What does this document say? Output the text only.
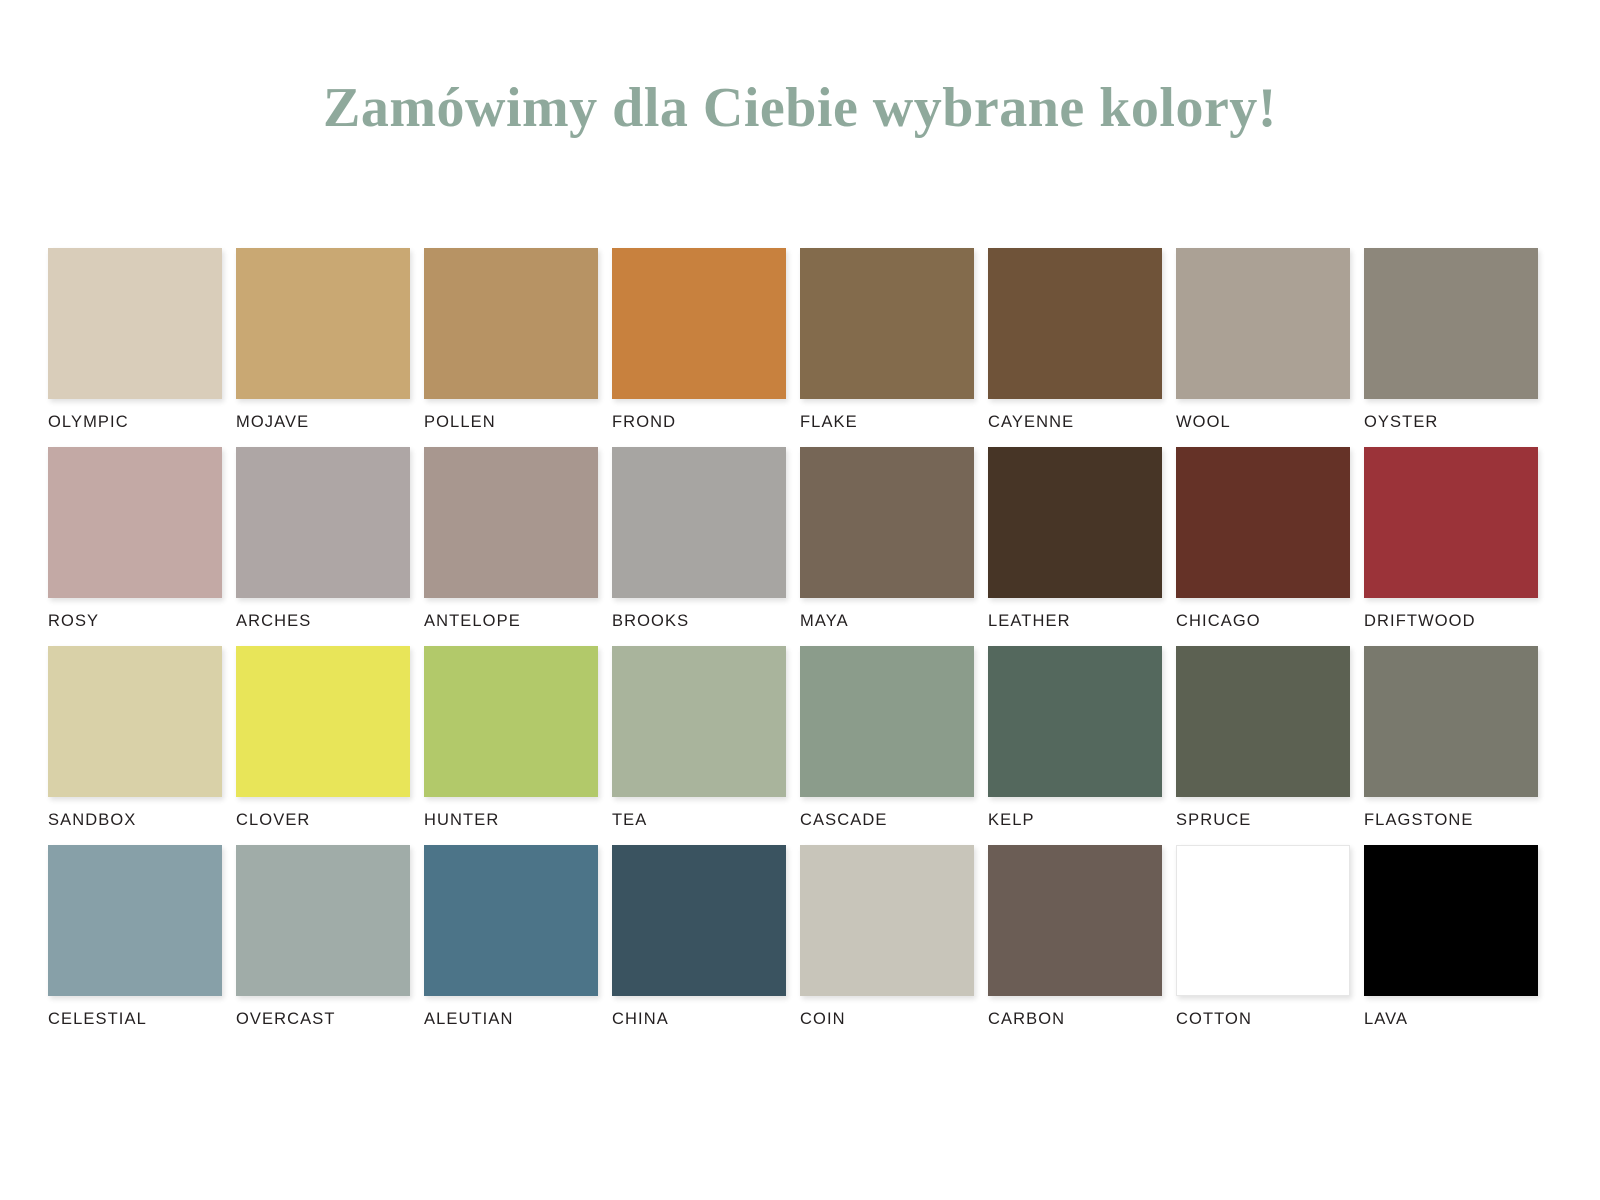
Zamówimy dla Ciebie wybrane kolory!
OLYMPIC	MOJAVE	POLLEN	FROND	FLAKE	CAYENNE	WOOL	OYSTER
ROSY	ARCHES	ANTELOPE	BROOKS	MAYA	LEATHER	CHICAGO	DRIFTWOOD
SANDBOX	CLOVER	HUNTER	TEA	CASCADE	KELP	SPRUCE	FLAGSTONE
CELESTIAL	OVERCAST	ALEUTIAN	CHINA	COIN	CARBON	COTTON	LAVA
